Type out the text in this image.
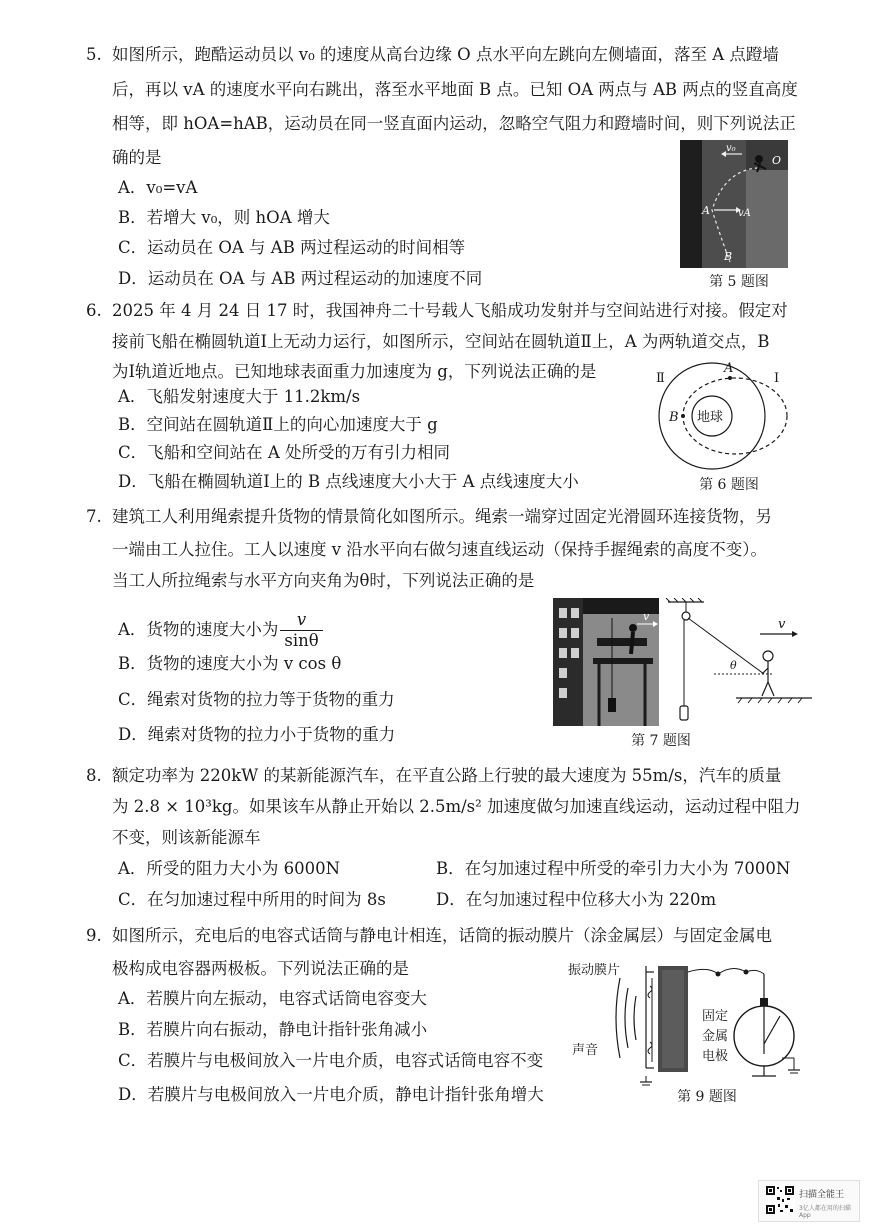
5. 如图所示，跑酷运动员以 v₀ 的速度从高台边缘 O 点水平向左跳向左侧墙面，落至 A 点蹬墙
后，再以 vA 的速度水平向右跳出，落至水平地面 B 点。已知 OA 两点与 AB 两点的竖直高度
相等，即 hOA=hAB，运动员在同一竖直面内运动，忽略空气阻力和蹬墙时间，则下列说法正
确的是
A．v₀=vA
B．若增大 v₀，则 hOA 增大
C．运动员在 OA 与 AB 两过程运动的时间相等
D．运动员在 OA 与 AB 两过程运动的加速度不同
v₀
O
A	vA
B
第 5 题图
6. 2025 年 4 月 24 日 17 时，我国神舟二十号载人飞船成功发射并与空间站进行对接。假定对
接前飞船在椭圆轨道Ⅰ上无动力运行，如图所示，空间站在圆轨道Ⅱ上，A 为两轨道交点，B
为Ⅰ轨道近地点。已知地球表面重力加速度为 g，下列说法正确的是
A．飞船发射速度大于 11.2km/s
B．空间站在圆轨道Ⅱ上的向心加速度大于 g
C．飞船和空间站在 A 处所受的万有引力相同
D．飞船在椭圆轨道Ⅰ上的 B 点线速度大小大于 A 点线速度大小
Ⅱ	Ⅰ
A
B 地球
第 6 题图
7. 建筑工人利用绳索提升货物的情景简化如图所示。绳索一端穿过固定光滑圆环连接货物，另
一端由工人拉住。工人以速度 v 沿水平向右做匀速直线运动（保持手握绳索的高度不变）。
当工人所拉绳索与水平方向夹角为θ时，下列说法正确的是
A．货物的速度大小为 $\frac{v}{\sin\theta}$
B．货物的速度大小为 v cos θ
C．绳索对货物的拉力等于货物的重力
D．绳索对货物的拉力小于货物的重力
v
v
θ
第 7 题图
8. 额定功率为 220kW 的某新能源汽车，在平直公路上行驶的最大速度为 55m/s，汽车的质量
为 2.8 × 10³kg。如果该车从静止开始以 2.5m/s² 加速度做匀加速直线运动，运动过程中阻力
不变，则该新能源车
A．所受的阻力大小为 6000N	B．在匀加速过程中所受的牵引力大小为 7000N
C．在匀加速过程中所用的时间为 8s	D．在匀加速过程中位移大小为 220m
9. 如图所示，充电后的电容式话筒与静电计相连，话筒的振动膜片（涂金属层）与固定金属电
极构成电容器两极板。下列说法正确的是
A．若膜片向左振动，电容式话筒电容变大
B．若膜片向右振动，静电计指针张角减小
C．若膜片与电极间放入一片电介质，电容式话筒电容不变
D．若膜片与电极间放入一片电介质，静电计指针张角增大
振动膜片
声音
固定
金属
电极
第 9 题图
扫描全能王
3亿人都在用的扫描App
